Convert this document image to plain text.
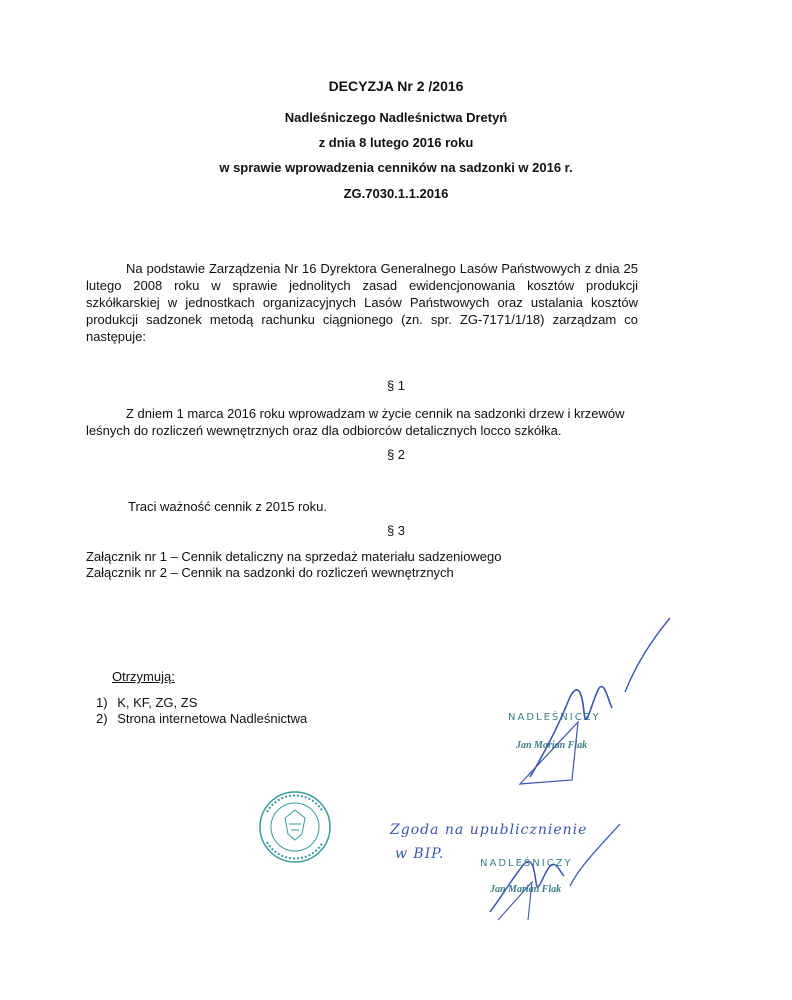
DECYZJA Nr 2 /2016
Nadleśniczego Nadleśnictwa Dretyń
z dnia 8 lutego 2016 roku
w sprawie wprowadzenia cenników na sadzonki w 2016 r.
ZG.7030.1.1.2016
Na podstawie Zarządzenia Nr 16 Dyrektora Generalnego Lasów Państwowych z dnia 25 lutego 2008 roku w sprawie jednolitych zasad ewidencjonowania kosztów produkcji szkółkarskiej w jednostkach organizacyjnych Lasów Państwowych oraz ustalania kosztów produkcji sadzonek metodą rachunku ciągnionego (zn. spr. ZG-7171/1/18) zarządzam co następuje:
§ 1
Z dniem 1 marca 2016 roku wprowadzam w życie cennik na sadzonki drzew i krzewów leśnych do rozliczeń wewnętrznych oraz dla odbiorców detalicznych locco szkółka.
§ 2
Traci ważność cennik z 2015 roku.
§ 3
Załącznik nr 1 – Cennik detaliczny na sprzedaż materiału sadzeniowego
Załącznik nr 2 – Cennik na sadzonki do rozliczeń wewnętrznych
Otrzymują:
1) K, KF, ZG, ZS
2) Strona internetowa Nadleśnictwa	NADLEŚNICZY
Jan Marian Flak
Zgoda na upublicznienie
w BIP.
NADLEŚNICZY
Jan Marian Flak
